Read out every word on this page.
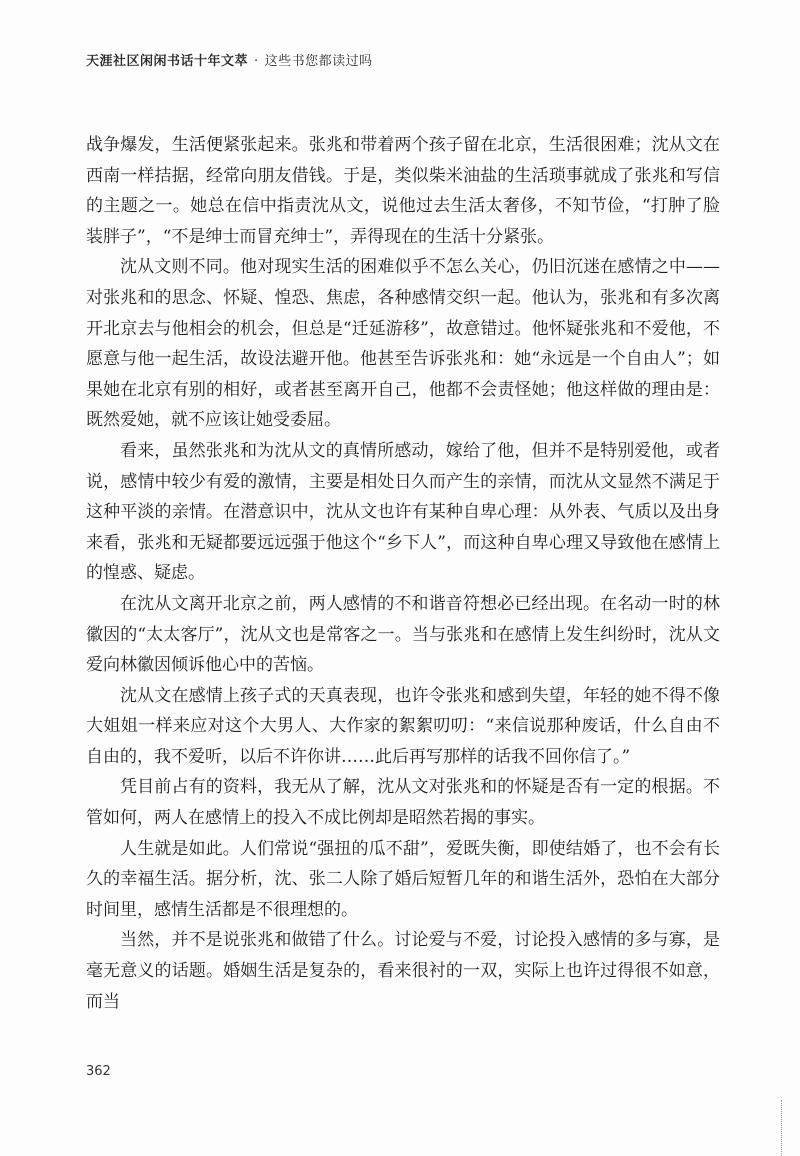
天涯社区闲闲书话十年文萃 · 这些书您都读过吗

战争爆发，生活便紧张起来。张兆和带着两个孩子留在北京，生活很困难；沈从文在西南一样拮据，经常向朋友借钱。于是，类似柴米油盐的生活琐事就成了张兆和写信的主题之一。她总在信中指责沈从文，说他过去生活太奢侈，不知节俭，“打肿了脸装胖子”，“不是绅士而冒充绅士”，弄得现在的生活十分紧张。

沈从文则不同。他对现实生活的困难似乎不怎么关心，仍旧沉迷在感情之中——对张兆和的思念、怀疑、惶恐、焦虑，各种感情交织一起。他认为，张兆和有多次离开北京去与他相会的机会，但总是“迁延游移”，故意错过。他怀疑张兆和不爱他，不愿意与他一起生活，故设法避开他。他甚至告诉张兆和：她“永远是一个自由人”；如果她在北京有别的相好，或者甚至离开自己，他都不会责怪她；他这样做的理由是：既然爱她，就不应该让她受委屈。

看来，虽然张兆和为沈从文的真情所感动，嫁给了他，但并不是特别爱他，或者说，感情中较少有爱的激情，主要是相处日久而产生的亲情，而沈从文显然不满足于这种平淡的亲情。在潜意识中，沈从文也许有某种自卑心理：从外表、气质以及出身来看，张兆和无疑都要远远强于他这个“乡下人”，而这种自卑心理又导致他在感情上的惶惑、疑虑。

在沈从文离开北京之前，两人感情的不和谐音符想必已经出现。在名动一时的林徽因的“太太客厅”，沈从文也是常客之一。当与张兆和在感情上发生纠纷时，沈从文爱向林徽因倾诉他心中的苦恼。

沈从文在感情上孩子式的天真表现，也许令张兆和感到失望，年轻的她不得不像大姐姐一样来应对这个大男人、大作家的絮絮叨叨：“来信说那种废话，什么自由不自由的，我不爱听，以后不许你讲……此后再写那样的话我不回你信了。”

凭目前占有的资料，我无从了解，沈从文对张兆和的怀疑是否有一定的根据。不管如何，两人在感情上的投入不成比例却是昭然若揭的事实。

人生就是如此。人们常说“强扭的瓜不甜”，爱既失衡，即使结婚了，也不会有长久的幸福生活。据分析，沈、张二人除了婚后短暂几年的和谐生活外，恐怕在大部分时间里，感情生活都是不很理想的。

当然，并不是说张兆和做错了什么。讨论爱与不爱，讨论投入感情的多与寡，是毫无意义的话题。婚姻生活是复杂的，看来很衬的一双，实际上也许过得很不如意，而当

362
